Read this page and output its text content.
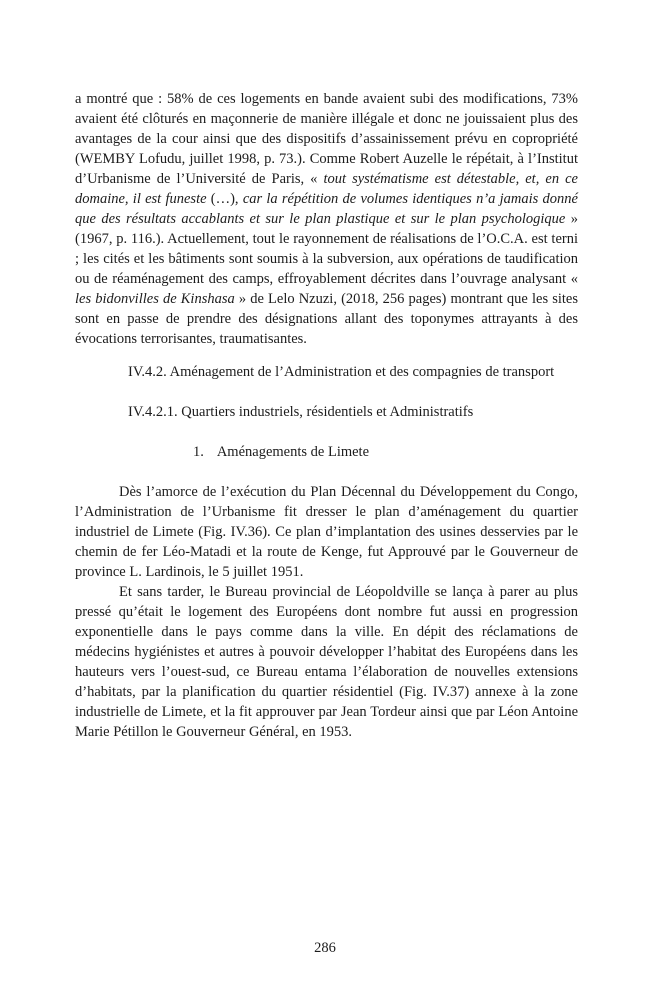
a montré que : 58% de ces logements en bande avaient subi des modifications, 73% avaient été clôturés en maçonnerie de manière illégale et donc ne jouissaient plus des avantages de la cour ainsi que des dispositifs d’assainissement prévu en copropriété (WEMBY Lofudu, juillet 1998, p. 73.). Comme Robert Auzelle le répétait, à l’Institut d’Urbanisme de l’Université de Paris, « tout systématisme est détestable, et, en ce domaine, il est funeste (…), car la répétition de volumes identiques n’a jamais donné que des résultats accablants et sur le plan plastique et sur le plan psychologique » (1967, p. 116.). Actuellement, tout le rayonnement de réalisations de l’O.C.A. est terni ; les cités et les bâtiments sont soumis à la subversion, aux opérations de taudification ou de réaménagement des camps, effroyablement décrites dans l’ouvrage analysant « les bidonvilles de Kinshasa » de Lelo Nzuzi, (2018, 256 pages) montrant que les sites sont en passe de prendre des désignations allant des toponymes attrayants à des évocations terrorisantes, traumatisantes.

IV.4.2. Aménagement de l’Administration et des compagnies de transport

IV.4.2.1. Quartiers industriels, résidentiels et Administratifs

1. Aménagements de Limete

Dès l’amorce de l’exécution du Plan Décennal du Développement du Congo, l’Administration de l’Urbanisme fit dresser le plan d’aménagement du quartier industriel de Limete (Fig. IV.36). Ce plan d’implantation des usines desservies par le chemin de fer Léo-Matadi et la route de Kenge, fut Approuvé par le Gouverneur de province L. Lardinois, le 5 juillet 1951.

Et sans tarder, le Bureau provincial de Léopoldville se lança à parer au plus pressé qu’était le logement des Européens dont nombre fut aussi en progression exponentielle dans le pays comme dans la ville. En dépit des réclamations de médecins hygiénistes et autres à pouvoir développer l’habitat des Européens dans les hauteurs vers l’ouest-sud, ce Bureau entama l’élaboration de nouvelles extensions d’habitats, par la planification du quartier résidentiel (Fig. IV.37) annexe à la zone industrielle de Limete, et la fit approuver par Jean Tordeur ainsi que par Léon Antoine Marie Pétillon le Gouverneur Général, en 1953.

286
